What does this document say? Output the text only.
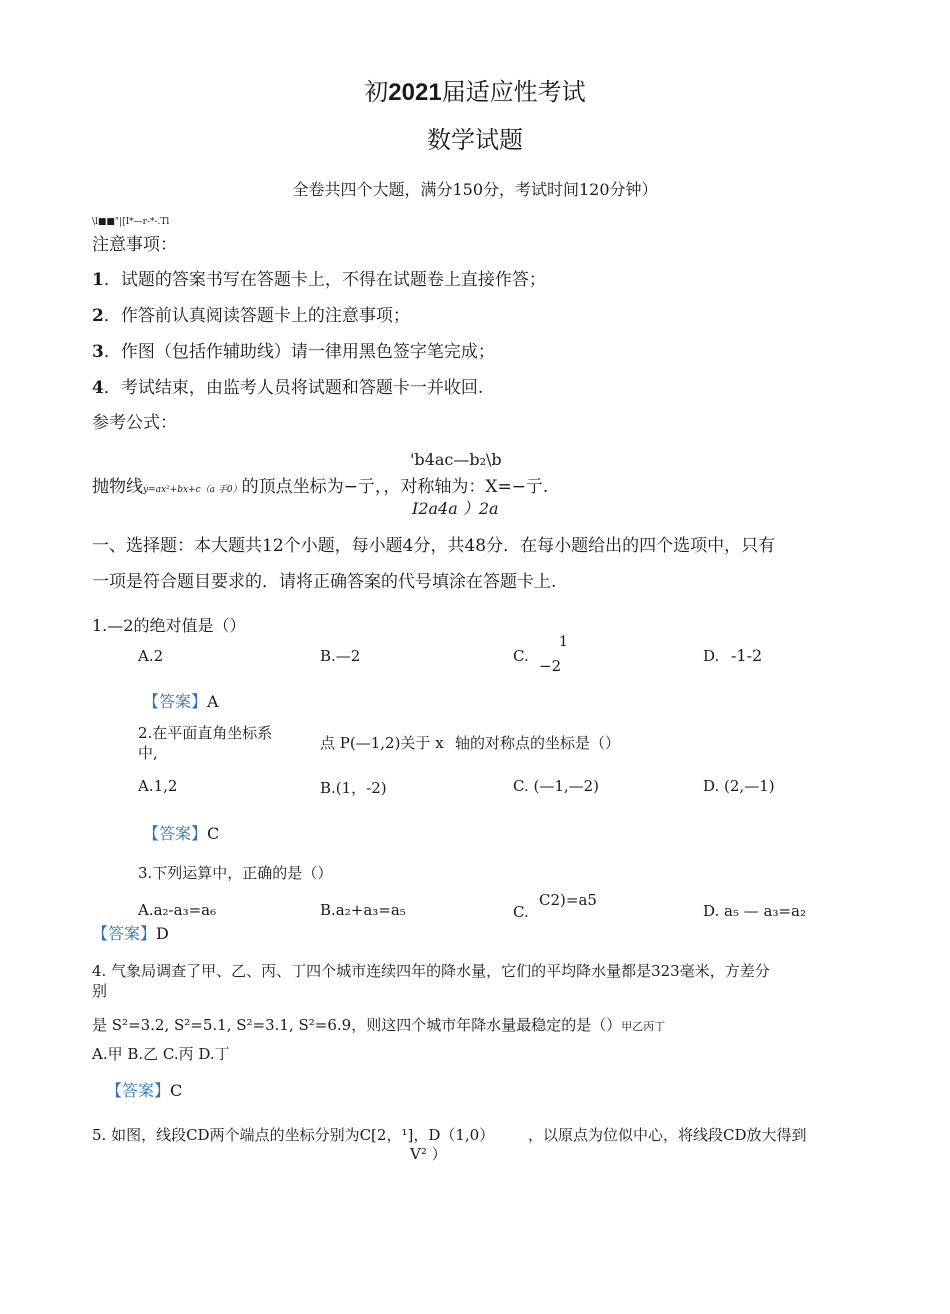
初2021届适应性考试
数学试题
全卷共四个大题，满分150分，考试时间120分钟）
\l■■"|[I*—r-*-.Tl
注意事项：
1．试题的答案书写在答题卡上，不得在试题卷上直接作答；
2．作答前认真阅读答题卡上的注意事项；
3．作图（包括作辅助线）请一律用黑色签字笔完成；
4．考试结束，由监考人员将试题和答题卡一并收回.
参考公式：
'b4ac—b₂\b
抛物线y=ax²+bx+c（a 手0）的顶点坐标为−亍，，对称轴为：X=−亍.
I2a4a ）2a
一、选择题：本大题共12个小题，每小题4分，共48分．在每小题给出的四个选项中，只有
一项是符合题目要求的．请将正确答案的代号填涂在答题卡上.
1.—2的绝对值是（）
A.2	B.—2	C.
1
−2
D. -1-2
【答案】A
2.在平面直角坐标系
中,
点 P(—1,2)关于 x 轴的对称点的坐标是（）
A.1,2	B.(1，-2)	C. (—1,—2)	D. (2,—1)
【答案】C
3.下列运算中，正确的是（）
A.a₂-a₃=a₆	B.a₂+a₃=a₅	C.
C2)=a5
D. a₅ — a₃=a₂
【答案】D
4. 气象局调查了甲、乙、丙、丁四个城市连续四年的降水量，它们的平均降水量都是323毫米，方差分
别
是 S²=3.2, S²=5.1, S²=3.1, S²=6.9，则这四个城市年降水量最稳定的是（）甲乙丙丁
A.甲 B.乙 C.丙 D.丁
【答案】C
5. 如图，线段CD两个端点的坐标分别为C[2，¹]，D（1,0） ，以原点为位似中心，将线段CD放大得到
V² ）
